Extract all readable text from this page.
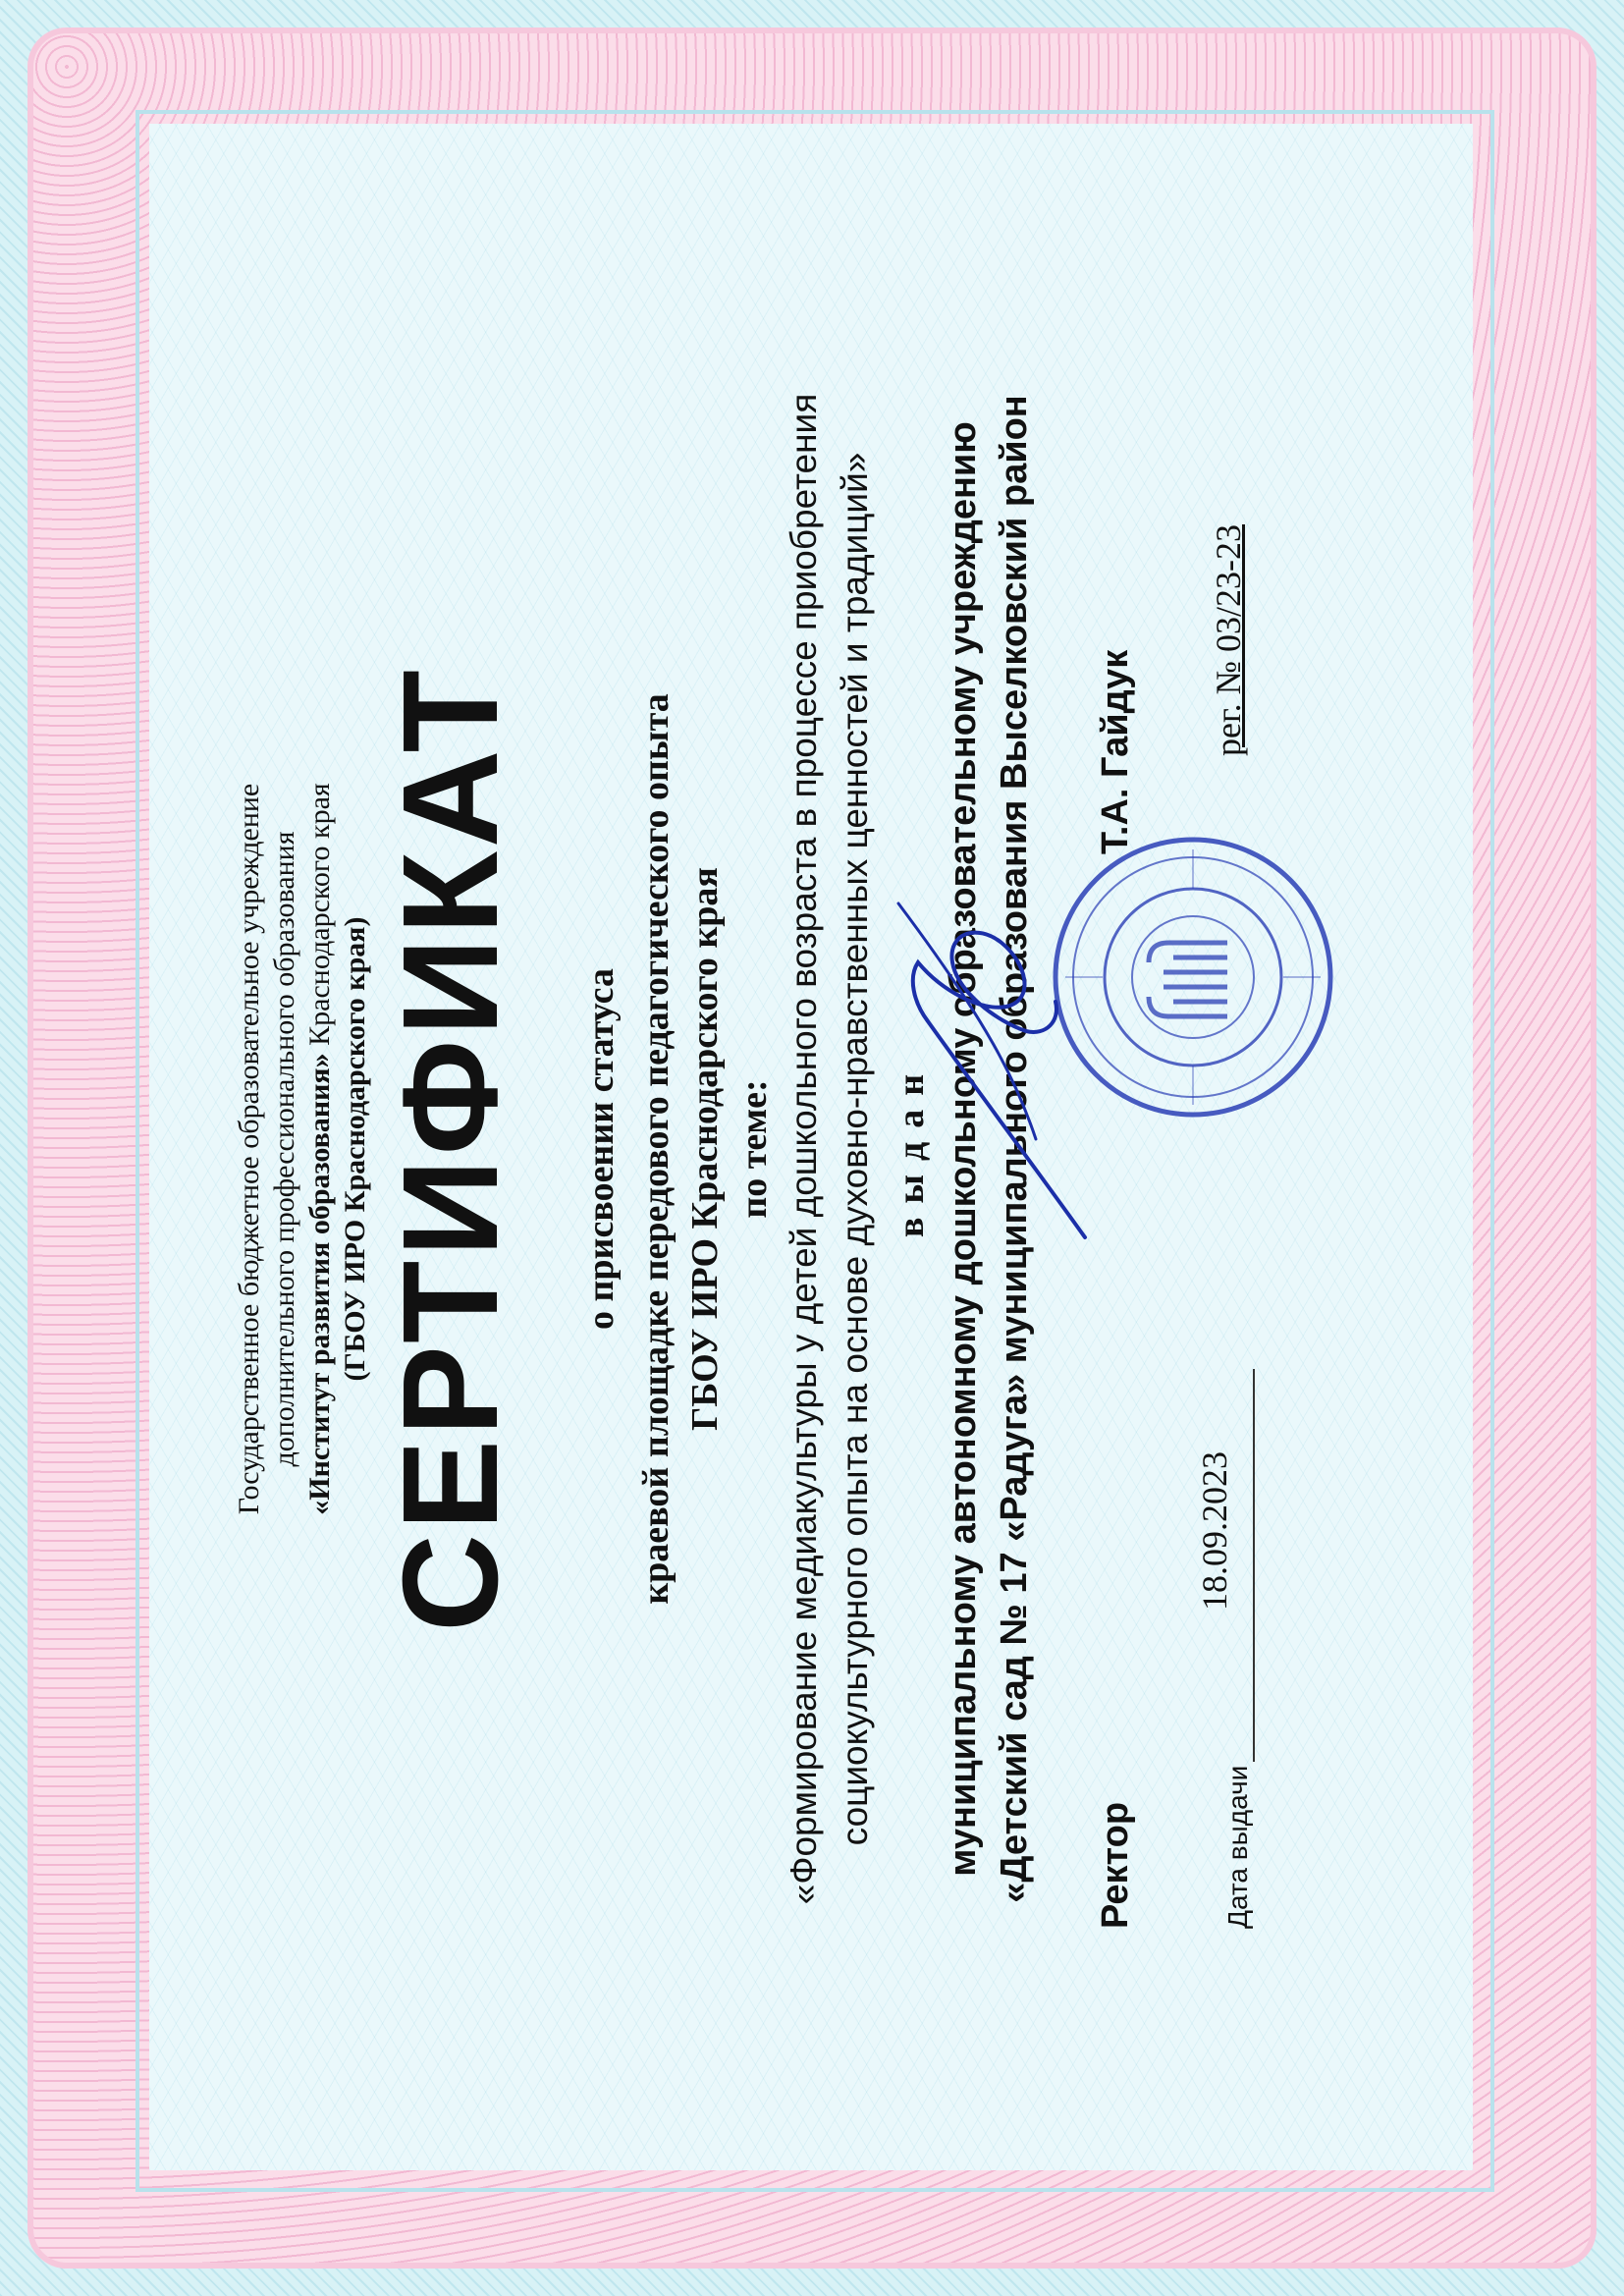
Государственное бюджетное образовательное учреждение дополнительного профессионального образования «Институт развития образования» Краснодарского края (ГБОУ ИРО Краснодарского края) СЕРТИФИКАТ о присвоении статуса краевой площадке передового педагогического опыта ГБОУ ИРО Краснодарского края по теме: «Формирование медиакультуры у детей дошкольного возраста в процессе приобретения социокультурного опыта на основе духовно-нравственных ценностей и традиций» выдан муниципальному автономному дошкольному образовательному учреждению «Детский сад № 17 «Радуга» муниципального образования Выселковский район Ректор
Т.А. Гайдук
Дата выдачи
18.09.2023
рег. № 03/23-23
